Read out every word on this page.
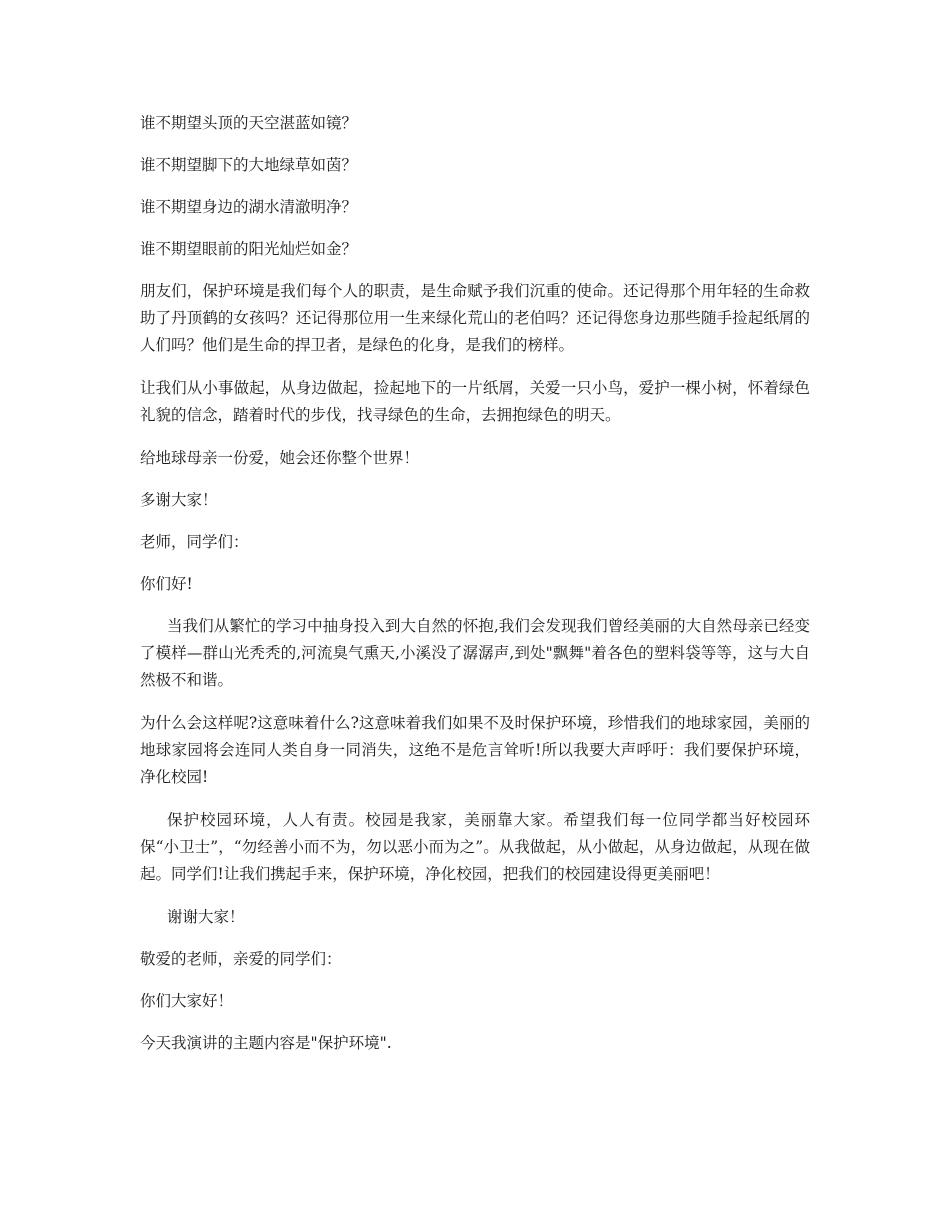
谁不期望头顶的天空湛蓝如镜？

谁不期望脚下的大地绿草如茵？

谁不期望身边的湖水清澈明净？

谁不期望眼前的阳光灿烂如金？

朋友们，保护环境是我们每个人的职责，是生命赋予我们沉重的使命。还记得那个用年轻的生命救助了丹顶鹤的女孩吗？还记得那位用一生来绿化荒山的老伯吗？还记得您身边那些随手捡起纸屑的人们吗？他们是生命的捍卫者，是绿色的化身，是我们的榜样。

让我们从小事做起，从身边做起，捡起地下的一片纸屑，关爱一只小鸟，爱护一棵小树，怀着绿色礼貌的信念，踏着时代的步伐，找寻绿色的生命，去拥抱绿色的明天。

给地球母亲一份爱，她会还你整个世界！

多谢大家！

老师，同学们：

你们好!

当我们从繁忙的学习中抽身投入到大自然的怀抱,我们会发现我们曾经美丽的大自然母亲已经变了模样—群山光秃秃的,河流臭气熏天,小溪没了潺潺声,到处"飘舞"着各色的塑料袋等等，这与大自然极不和谐。

为什么会这样呢?这意味着什么?这意味着我们如果不及时保护环境，珍惜我们的地球家园，美丽的地球家园将会连同人类自身一同消失，这绝不是危言耸听!所以我要大声呼吁：我们要保护环境，净化校园!

保护校园环境，人人有责。校园是我家，美丽靠大家。希望我们每一位同学都当好校园环保“小卫士”，“勿经善小而不为，勿以恶小而为之”。从我做起，从小做起，从身边做起，从现在做起。同学们!让我们携起手来，保护环境，净化校园，把我们的校园建设得更美丽吧！

谢谢大家！

敬爱的老师，亲爱的同学们：

你们大家好！

今天我演讲的主题内容是"保护环境".
